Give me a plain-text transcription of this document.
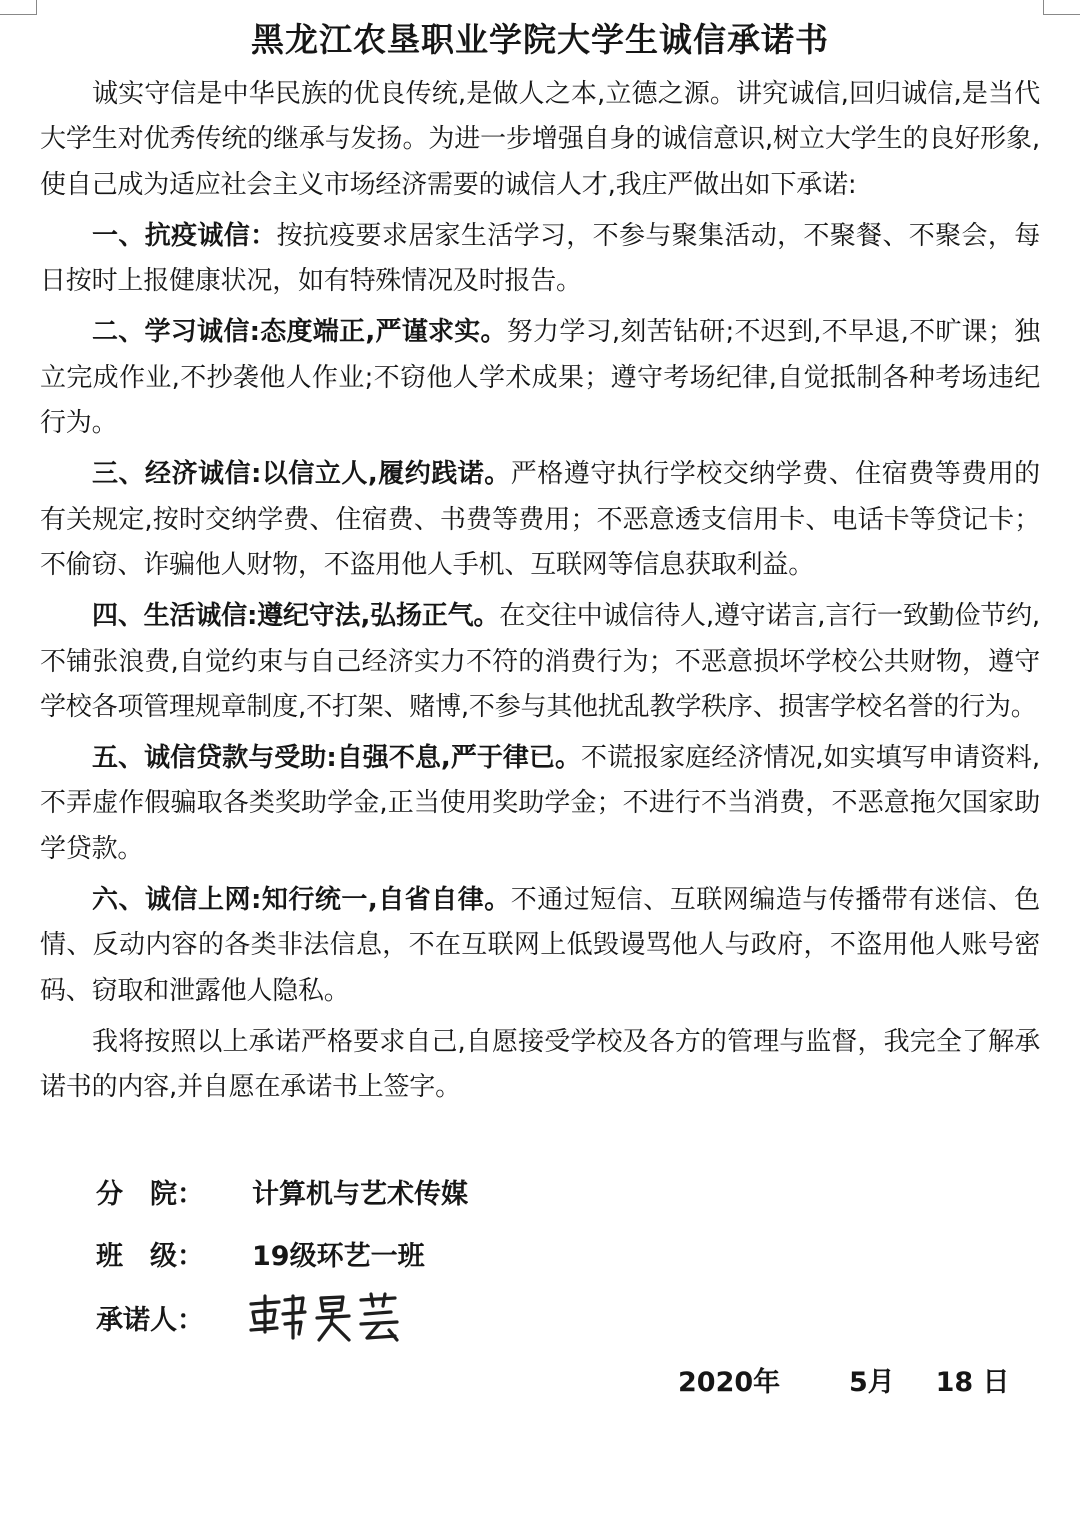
黑龙江农垦职业学院大学生诚信承诺书

诚实守信是中华民族的优良传统,是做人之本,立德之源。讲究诚信,回归诚信,是当代大学生对优秀传统的继承与发扬。为进一步增强自身的诚信意识,树立大学生的良好形象,使自己成为适应社会主义市场经济需要的诚信人才,我庄严做出如下承诺:

一、抗疫诚信：按抗疫要求居家生活学习，不参与聚集活动，不聚餐、不聚会，每日按时上报健康状况，如有特殊情况及时报告。

二、学习诚信:态度端正,严谨求实。努力学习,刻苦钻研;不迟到,不早退,不旷课；独立完成作业,不抄袭他人作业;不窃他人学术成果；遵守考场纪律,自觉抵制各种考场违纪行为。

三、经济诚信:以信立人,履约践诺。严格遵守执行学校交纳学费、住宿费等费用的有关规定,按时交纳学费、住宿费、书费等费用；不恶意透支信用卡、电话卡等贷记卡；不偷窃、诈骗他人财物，不盗用他人手机、互联网等信息获取利益。

四、生活诚信:遵纪守法,弘扬正气。在交往中诚信待人,遵守诺言,言行一致勤俭节约,不铺张浪费,自觉约束与自己经济实力不符的消费行为；不恶意损坏学校公共财物，遵守学校各项管理规章制度,不打架、赌博,不参与其他扰乱教学秩序、损害学校名誉的行为。

五、诚信贷款与受助:自强不息,严于律已。不谎报家庭经济情况,如实填写申请资料,不弄虚作假骗取各类奖助学金,正当使用奖助学金；不进行不当消费，不恶意拖欠国家助学贷款。

六、诚信上网:知行统一,自省自律。不通过短信、互联网编造与传播带有迷信、色情、反动内容的各类非法信息，不在互联网上低毁谩骂他人与政府，不盗用他人账号密码、窃取和泄露他人隐私。

我将按照以上承诺严格要求自己,自愿接受学校及各方的管理与监督，我完全了解承诺书的内容,并自愿在承诺书上签字。

分　院： 计算机与艺术传媒
班　级： 19级环艺一班
承诺人：
2020年	5月 18 日
